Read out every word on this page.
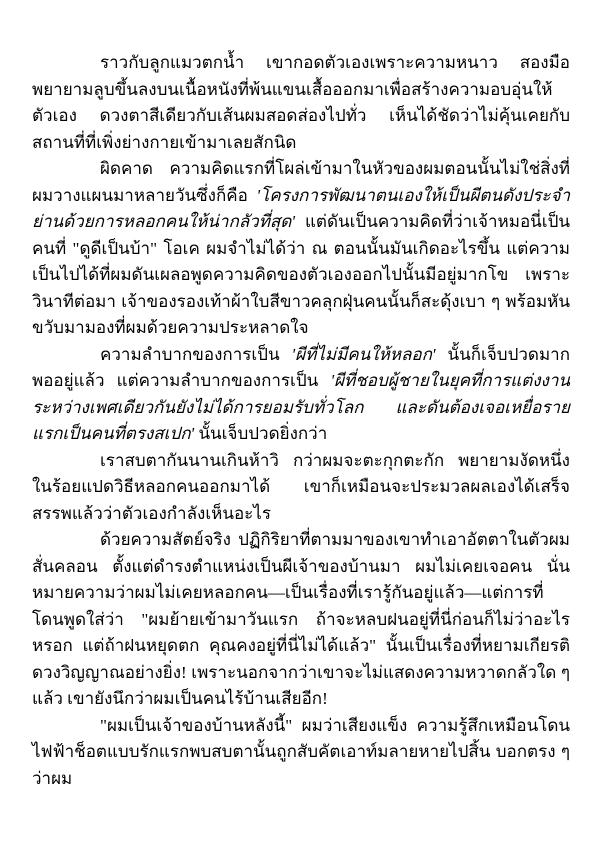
ราวกับลูกแมวตกน้ำ เขากอดตัวเองเพราะความหนาว สองมือพยายามลูบขึ้นลงบนเนื้อหนังที่พ้นแขนเสื้อออกมาเพื่อสร้างความอบอุ่นให้ตัวเอง ดวงตาสีเดียวกับเส้นผมสอดส่องไปทั่ว เห็นได้ชัดว่าไม่คุ้นเคยกับสถานที่ที่เพิ่งย่างกายเข้ามาเลยสักนิด

ผิดคาด ความคิดแรกที่โผล่เข้ามาในหัวของผมตอนนั้นไม่ใช่สิ่งที่ผมวางแผนมาหลายวันซึ่งก็คือ 'โครงการพัฒนาตนเองให้เป็นผีตนดังประจำย่านด้วยการหลอกคนให้น่ากลัวที่สุด' แต่ดันเป็นความคิดที่ว่าเจ้าหมอนี่เป็นคนที่ "ดูดีเป็นบ้า" โอเค ผมจำไม่ได้ว่า ณ ตอนนั้นมันเกิดอะไรขึ้น แต่ความเป็นไปได้ที่ผมดันเผลอพูดความคิดของตัวเองออกไปนั้นมีอยู่มากโข เพราะวินาทีต่อมา เจ้าของรองเท้าผ้าใบสีขาวคลุกฝุ่นคนนั้นก็สะดุ้งเบา ๆ พร้อมหันขวับมามองที่ผมด้วยความประหลาดใจ

ความลำบากของการเป็น 'ผีที่ไม่มีคนให้หลอก' นั้นก็เจ็บปวดมากพออยู่แล้ว แต่ความลำบากของการเป็น 'ผีที่ชอบผู้ชายในยุคที่การแต่งงานระหว่างเพศเดียวกันยังไม่ได้การยอมรับทั่วโลก และดันต้องเจอเหยื่อรายแรกเป็นคนที่ตรงสเปก' นั้นเจ็บปวดยิ่งกว่า

เราสบตากันนานเกินห้าวิ กว่าผมจะตะกุกตะกัก พยายามงัดหนึ่งในร้อยแปดวิธีหลอกคนออกมาได้ เขาก็เหมือนจะประมวลผลเองได้เสร็จสรรพแล้วว่าตัวเองกำลังเห็นอะไร

ด้วยความสัตย์จริง ปฏิกิริยาที่ตามมาของเขาทำเอาอัตตาในตัวผมสั่นคลอน ตั้งแต่ดำรงตำแหน่งเป็นผีเจ้าของบ้านมา ผมไม่เคยเจอคน นั่นหมายความว่าผมไม่เคยหลอกคน—เป็นเรื่องที่เรารู้กันอยู่แล้ว—แต่การที่โดนพูดใส่ว่า "ผมย้ายเข้ามาวันแรก ถ้าจะหลบฝนอยู่ที่นี่ก่อนก็ไม่ว่าอะไรหรอก แต่ถ้าฝนหยุดตก คุณคงอยู่ที่นี่ไม่ได้แล้ว" นั้นเป็นเรื่องที่หยามเกียรติดวงวิญญาณอย่างยิ่ง! เพราะนอกจากว่าเขาจะไม่แสดงความหวาดกลัวใด ๆ แล้ว เขายังนึกว่าผมเป็นคนไร้บ้านเสียอีก!

"ผมเป็นเจ้าของบ้านหลังนี้" ผมว่าเสียงแข็ง ความรู้สึกเหมือนโดนไฟฟ้าช็อตแบบรักแรกพบสบตานั้นถูกสับคัตเอาท์มลายหายไปสิ้น บอกตรง ๆ ว่าผม
